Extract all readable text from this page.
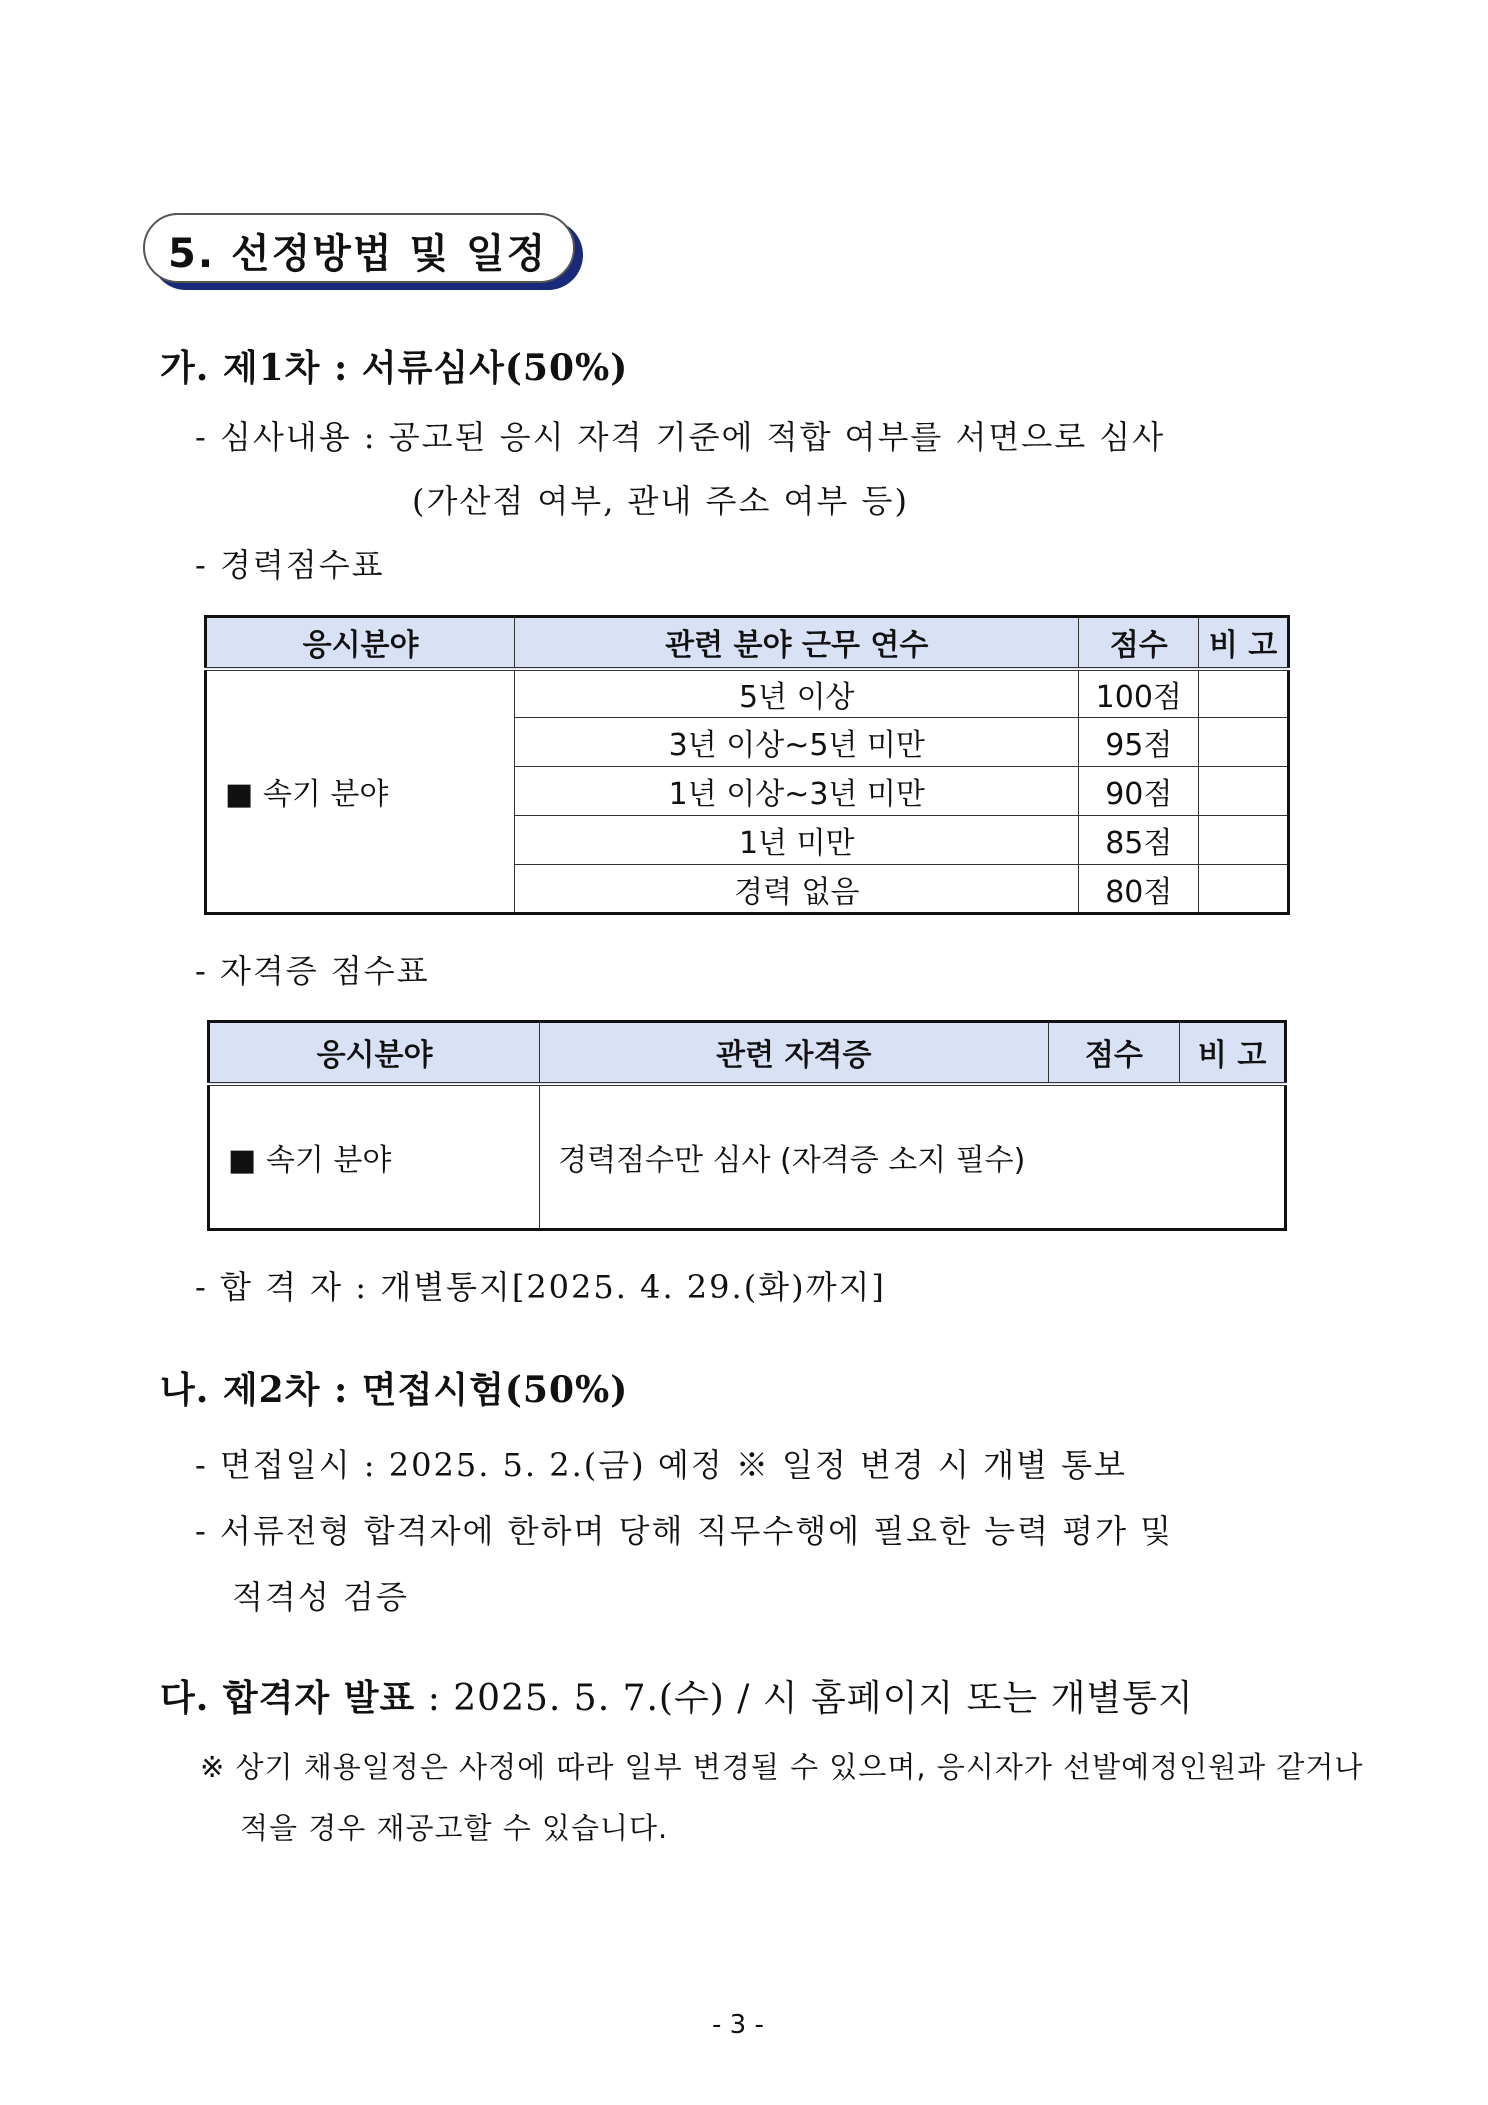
5. 선정방법 및 일정
가. 제1차 : 서류심사(50%)
- 심사내용 : 공고된 응시 자격 기준에 적합 여부를 서면으로 심사
(가산점 여부, 관내 주소 여부 등)
- 경력점수표
응시분야	관련 분야 근무 연수	점수	비 고
■ 속기 분야	5년 이상	100점	
	3년 이상~5년 미만	95점	
	1년 이상~3년 미만	90점	
	1년 미만	85점	
	경력 없음	80점	
- 자격증 점수표
응시분야	관련 자격증	점수	비 고
■ 속기 분야	경력점수만 심사 (자격증 소지 필수)		
- 합 격 자 : 개별통지[2025. 4. 29.(화)까지]
나. 제2차 : 면접시험(50%)
- 면접일시 : 2025. 5. 2.(금) 예정 ※ 일정 변경 시 개별 통보
- 서류전형 합격자에 한하며 당해 직무수행에 필요한 능력 평가 및
적격성 검증
다. 합격자 발표 : 2025. 5. 7.(수) / 시 홈페이지 또는 개별통지
※ 상기 채용일정은 사정에 따라 일부 변경될 수 있으며, 응시자가 선발예정인원과 같거나
적을 경우 재공고할 수 있습니다.
- 3 -
